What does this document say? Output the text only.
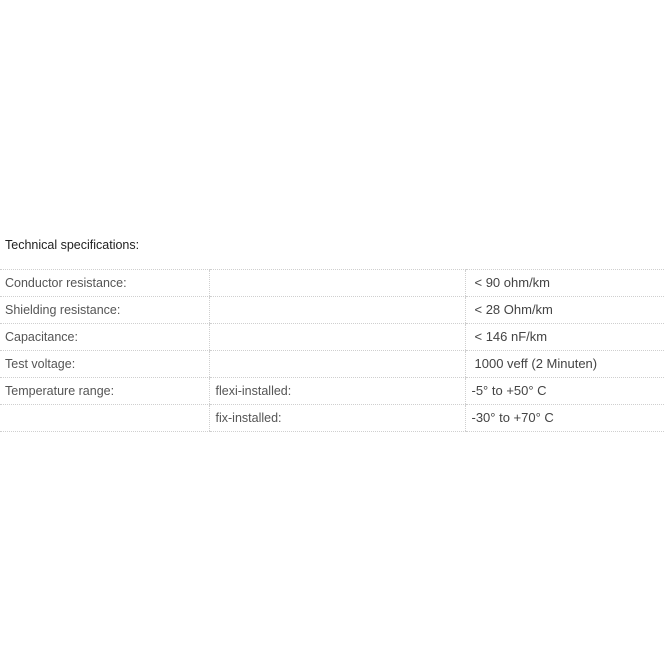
Technical specifications:
Conductor resistance:		< 90 ohm/km
Shielding resistance:		< 28 Ohm/km
Capacitance:		< 146 nF/km
Test voltage:		1000 veff (2 Minuten)
Temperature range:	flexi-installed:	-5° to +50° C
	fix-installed:	-30° to +70° C
